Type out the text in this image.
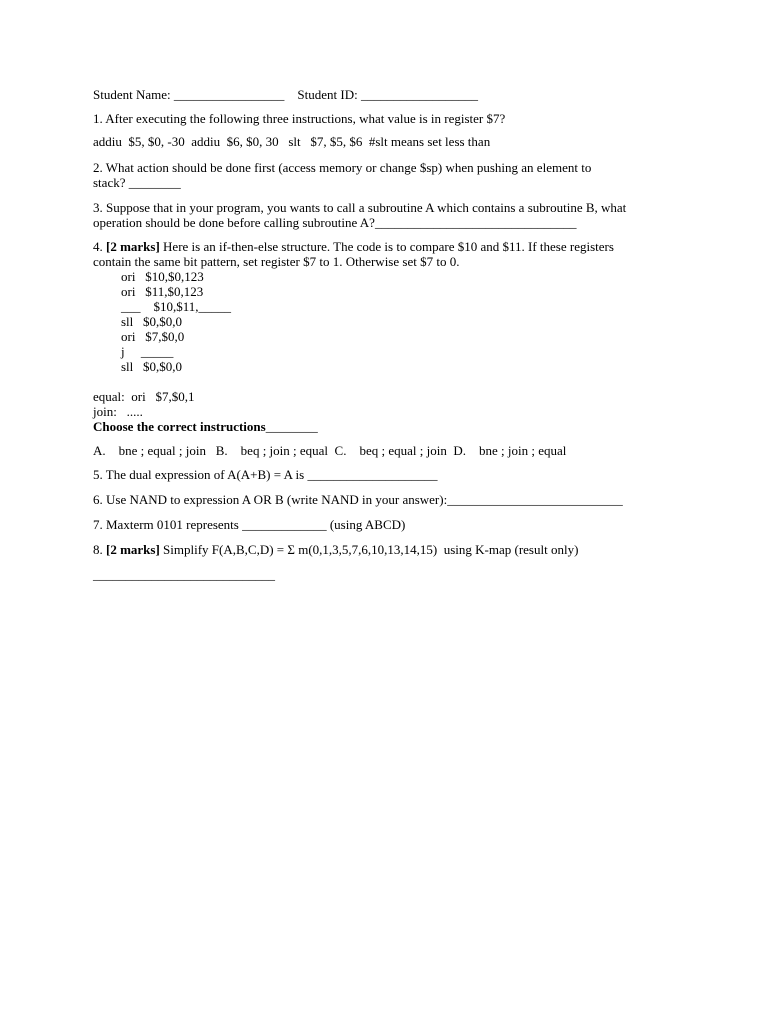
Student Name: _________________ Student ID: __________________
1. After executing the following three instructions, what value is in register $7?
addiu  $5, $0, -30  addiu  $6, $0, 30   slt   $7, $5, $6  #slt means set less than
2. What action should be done first (access memory or change $sp) when pushing an element to
stack? ________
3. Suppose that in your program, you wants to call a subroutine A which contains a subroutine B, what
operation should be done before calling subroutine A?_______________________________
4. [2 marks] Here is an if-then-else structure. The code is to compare $10 and $11. If these registers
contain the same bit pattern, set register $7 to 1. Otherwise set $7 to 0.
ori   $10,$0,123
ori   $11,$0,123
___    $10,$11,_____
sll   $0,$0,0
ori   $7,$0,0
j     _____
sll   $0,$0,0
equal:  ori   $7,$0,1
join:   .....
Choose the correct instructions________
A.    bne ; equal ; join   B.    beq ; join ; equal  C.    beq ; equal ; join  D.    bne ; join ; equal
5. The dual expression of A(A+B) = A is ____________________
6. Use NAND to expression A OR B (write NAND in your answer):___________________________
7. Maxterm 0101 represents _____________ (using ABCD)
8. [2 marks] Simplify F(A,B,C,D) = Σ m(0,1,3,5,7,6,10,13,14,15)  using K-map (result only)
____________________________
